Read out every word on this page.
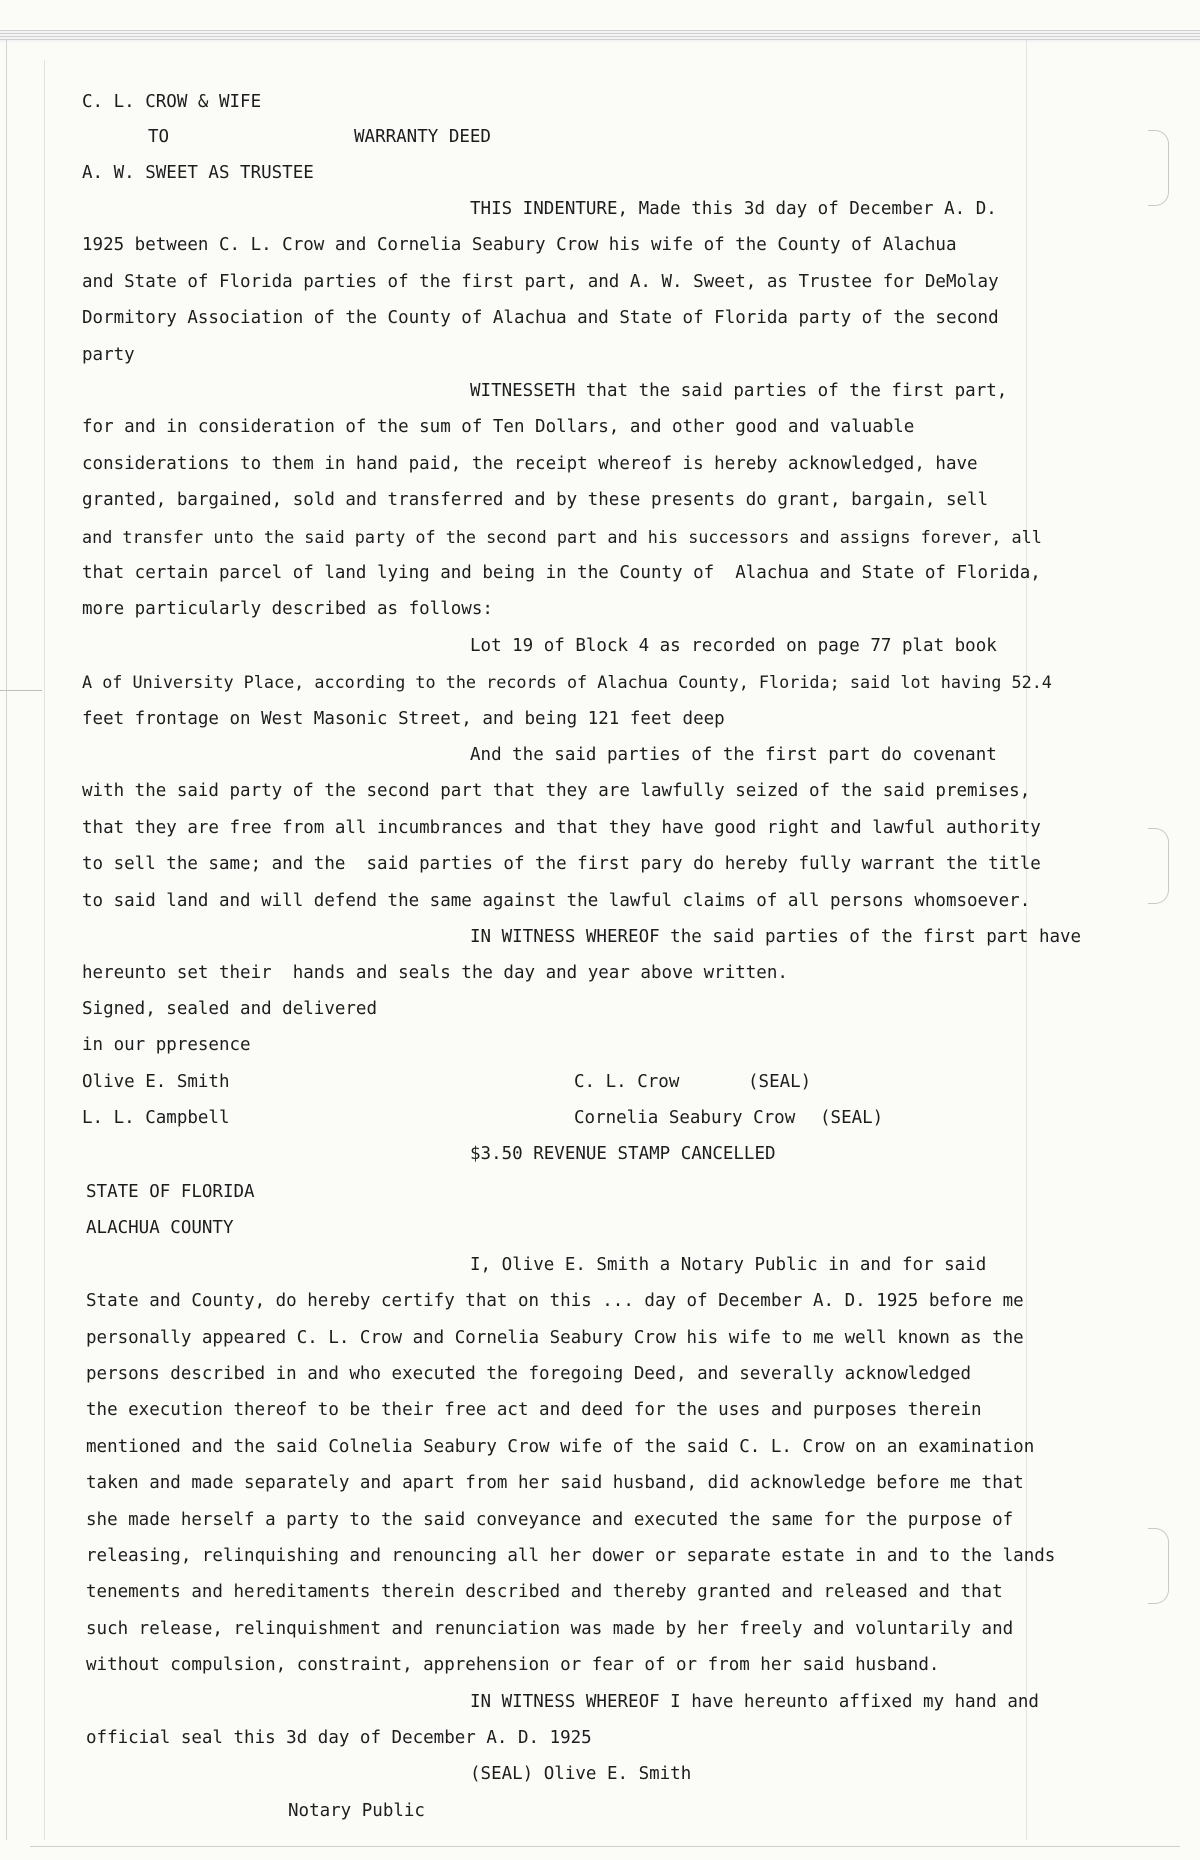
C. L. CROW & WIFE
TO	WARRANTY DEED
A. W. SWEET AS TRUSTEE
THIS INDENTURE, Made this 3d day of December A. D.
1925 between C. L. Crow and Cornelia Seabury Crow his wife of the County of Alachua
and State of Florida parties of the first part, and A. W. Sweet, as Trustee for DeMolay
Dormitory Association of the County of Alachua and State of Florida party of the second
party
WITNESSETH that the said parties of the first part,
for and in consideration of the sum of Ten Dollars, and other good and valuable
considerations to them in hand paid, the receipt whereof is hereby acknowledged, have
granted, bargained, sold and transferred and by these presents do grant, bargain, sell
and transfer unto the said party of the second part and his successors and assigns forever, all
that certain parcel of land lying and being in the County of  Alachua and State of Florida,
more particularly described as follows:
Lot 19 of Block 4 as recorded on page 77 plat book
A of University Place, according to the records of Alachua County, Florida; said lot having 52.4
feet frontage on West Masonic Street, and being 121 feet deep
And the said parties of the first part do covenant
with the said party of the second part that they are lawfully seized of the said premises,
that they are free from all incumbrances and that they have good right and lawful authority
to sell the same; and the  said parties of the first pary do hereby fully warrant the title
to said land and will defend the same against the lawful claims of all persons whomsoever.
IN WITNESS WHEREOF the said parties of the first part have
hereunto set their  hands and seals the day and year above written.
Signed, sealed and delivered
in our ppresence
Olive E. Smith
L. L. Campbell
C. L. Crow	(SEAL)
Cornelia Seabury Crow (SEAL)
$3.50 REVENUE STAMP CANCELLED
STATE OF FLORIDA
ALACHUA COUNTY
I, Olive E. Smith a Notary Public in and for said
State and County, do hereby certify that on this ... day of December A. D. 1925 before me
personally appeared C. L. Crow and Cornelia Seabury Crow his wife to me well known as the
persons described in and who executed the foregoing Deed, and severally acknowledged
the execution thereof to be their free act and deed for the uses and purposes therein
mentioned and the said Colnelia Seabury Crow wife of the said C. L. Crow on an examination
taken and made separately and apart from her said husband, did acknowledge before me that
she made herself a party to the said conveyance and executed the same for the purpose of
releasing, relinquishing and renouncing all her dower or separate estate in and to the lands
tenements and hereditaments therein described and thereby granted and released and that
such release, relinquishment and renunciation was made by her freely and voluntarily and
without compulsion, constraint, apprehension or fear of or from her said husband.
IN WITNESS WHEREOF I have hereunto affixed my hand and
official seal this 3d day of December A. D. 1925
(SEAL) Olive E. Smith
Notary Public
